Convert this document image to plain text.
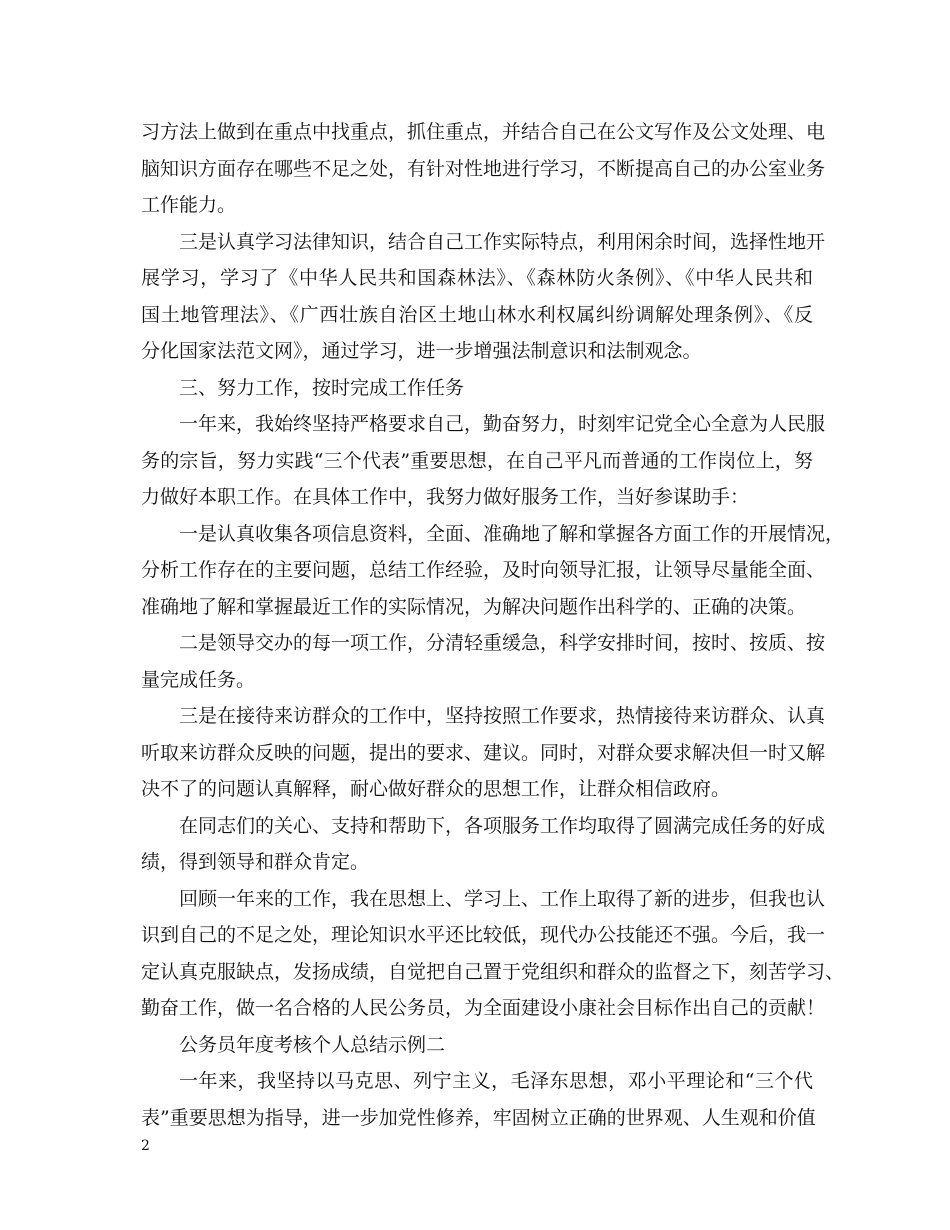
习方法上做到在重点中找重点，抓住重点，并结合自己在公文写作及公文处理、电
脑知识方面存在哪些不足之处，有针对性地进行学习，不断提高自己的办公室业务
工作能力。
三是认真学习法律知识，结合自己工作实际特点，利用闲余时间，选择性地开
展学习，学习了《中华人民共和国森林法》、《森林防火条例》、《中华人民共和
国土地管理法》、《广西壮族自治区土地山林水利权属纠纷调解处理条例》、《反
分化国家法范文网》，通过学习，进一步增强法制意识和法制观念。
三、努力工作，按时完成工作任务
一年来，我始终坚持严格要求自己，勤奋努力，时刻牢记党全心全意为人民服
务的宗旨，努力实践“三个代表”重要思想，在自己平凡而普通的工作岗位上，努
力做好本职工作。在具体工作中，我努力做好服务工作，当好参谋助手：
一是认真收集各项信息资料，全面、准确地了解和掌握各方面工作的开展情况，
分析工作存在的主要问题，总结工作经验，及时向领导汇报，让领导尽量能全面、
准确地了解和掌握最近工作的实际情况，为解决问题作出科学的、正确的决策。
二是领导交办的每一项工作，分清轻重缓急，科学安排时间，按时、按质、按
量完成任务。
三是在接待来访群众的工作中，坚持按照工作要求，热情接待来访群众、认真
听取来访群众反映的问题，提出的要求、建议。同时，对群众要求解决但一时又解
决不了的问题认真解释，耐心做好群众的思想工作，让群众相信政府。
在同志们的关心、支持和帮助下，各项服务工作均取得了圆满完成任务的好成
绩，得到领导和群众肯定。
回顾一年来的工作，我在思想上、学习上、工作上取得了新的进步，但我也认
识到自己的不足之处，理论知识水平还比较低，现代办公技能还不强。今后，我一
定认真克服缺点，发扬成绩，自觉把自己置于党组织和群众的监督之下，刻苦学习、
勤奋工作，做一名合格的人民公务员，为全面建设小康社会目标作出自己的贡献！
公务员年度考核个人总结示例二
一年来，我坚持以马克思、列宁主义，毛泽东思想，邓小平理论和“三个代
表”重要思想为指导，进一步加党性修养，牢固树立正确的世界观、人生观和价值
2
